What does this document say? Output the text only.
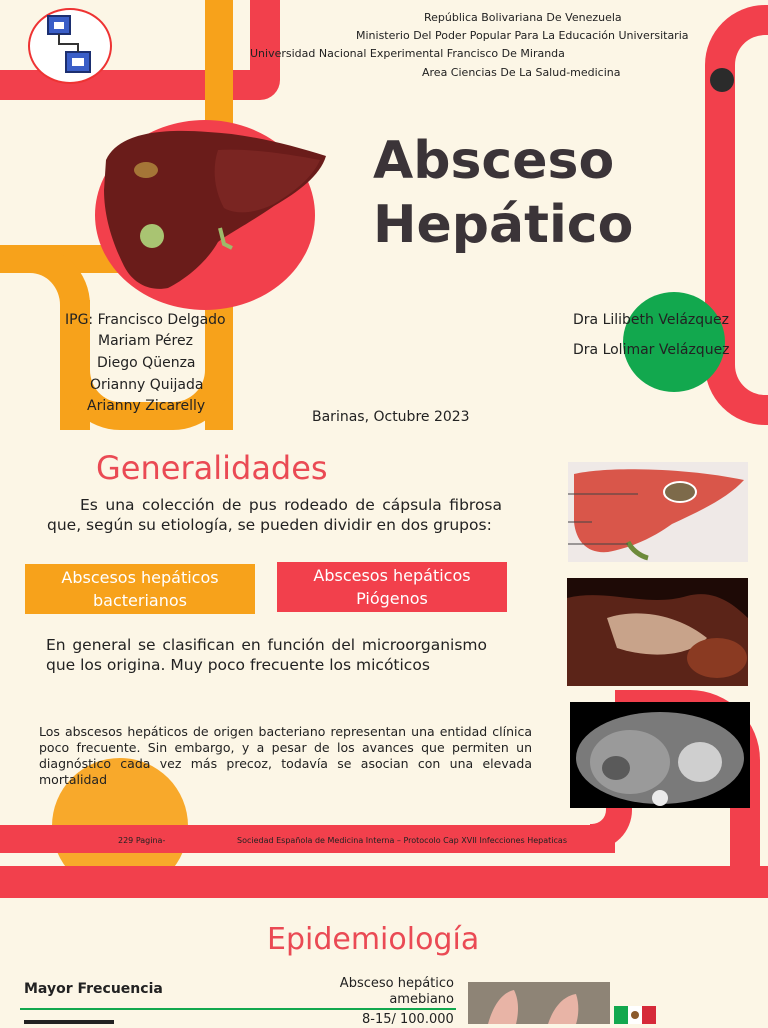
República Bolivariana De Venezuela
Ministerio Del Poder Popular Para La Educación Universitaria
Universidad Nacional Experimental Francisco De Miranda
Area Ciencias De La Salud-medicina
Absceso
Hepático
IPG: Francisco Delgado
Mariam Pérez
Diego Qüenza
Orianny Quijada
Arianny Zicarelly
Dra Lilibeth Velázquez
Dra Lolimar Velázquez
Barinas, Octubre 2023
Generalidades
Es una colección de pus rodeado de cápsula fibrosa que, según su etiología, se pueden dividir en dos grupos:
Abscesos hepáticos bacterianos
Abscesos hepáticos Piógenos
En general se clasifican en función del microorganismo que los origina. Muy poco frecuente los micóticos
Los abscesos hepáticos de origen bacteriano representan una entidad clínica poco frecuente. Sin embargo, y a pesar de los avances que permiten un diagnóstico cada vez más precoz, todavía se asocian con una elevada mortalidad
229 Pagina-	Sociedad Española de Medicina Interna – Protocolo Cap XVII Infecciones Hepaticas
Epidemiología
Mayor Frecuencia	Absceso hepático amebiano
8-15/ 100.000
